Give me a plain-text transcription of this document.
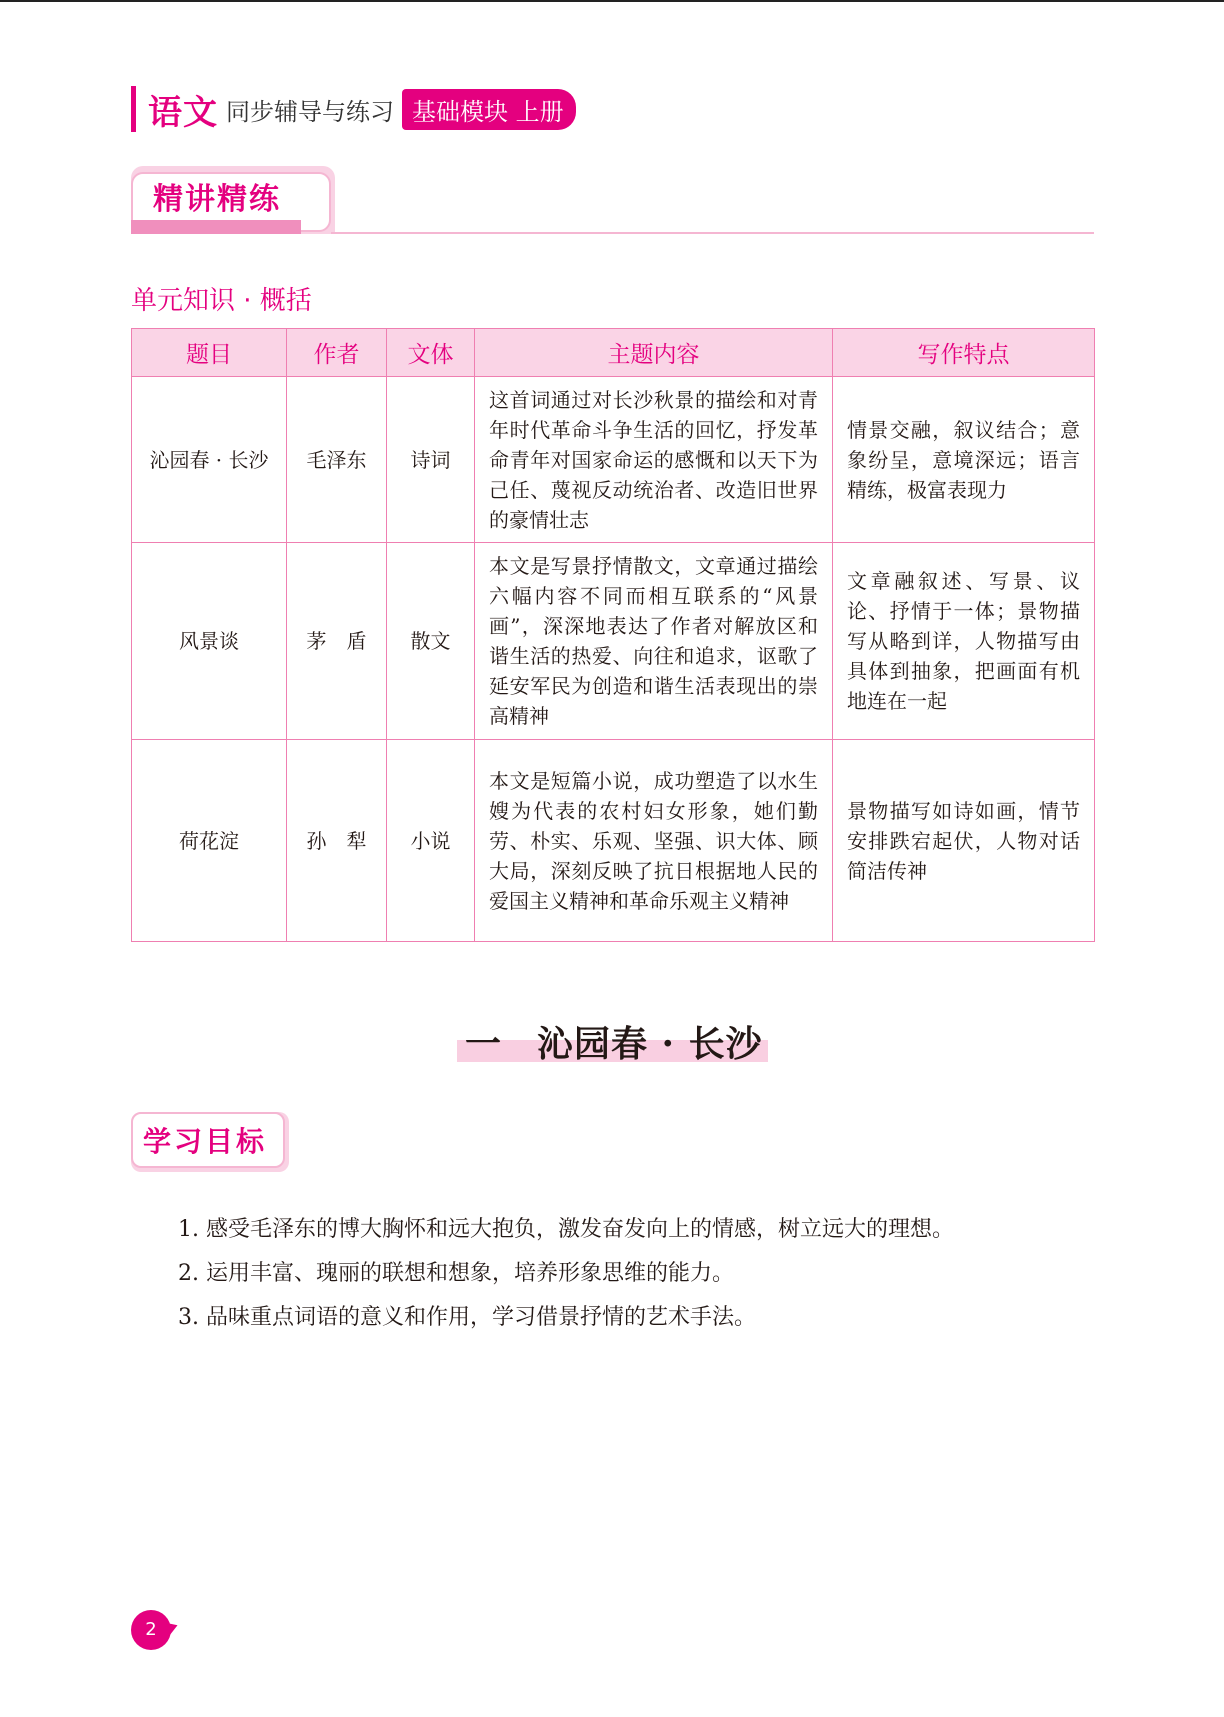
语文 同步辅导与练习 基础模块 上册
精讲精练
单元知识 · 概括
题目	作者	文体	主题内容	写作特点
沁园春 · 长沙	毛泽东	诗词	这首词通过对长沙秋景的描绘和对青年时代革命斗争生活的回忆，抒发革命青年对国家命运的感慨和以天下为己任、蔑视反动统治者、改造旧世界的豪情壮志	情景交融，叙议结合；意象纷呈，意境深远；语言精练，极富表现力
风景谈	茅　盾	散文	本文是写景抒情散文，文章通过描绘六幅内容不同而相互联系的“风景画”，深深地表达了作者对解放区和谐生活的热爱、向往和追求，讴歌了延安军民为创造和谐生活表现出的崇高精神	文章融叙述、写景、议论、抒情于一体；景物描写从略到详，人物描写由具体到抽象，把画面有机地连在一起
荷花淀	孙　犁	小说	本文是短篇小说，成功塑造了以水生嫂为代表的农村妇女形象，她们勤劳、朴实、乐观、坚强、识大体、顾大局，深刻反映了抗日根据地人民的爱国主义精神和革命乐观主义精神	景物描写如诗如画，情节安排跌宕起伏，人物对话简洁传神
一 沁园春 · 长沙
学习目标
1. 感受毛泽东的博大胸怀和远大抱负，激发奋发向上的情感，树立远大的理想。
2. 运用丰富、瑰丽的联想和想象，培养形象思维的能力。
3. 品味重点词语的意义和作用，学习借景抒情的艺术手法。
2
